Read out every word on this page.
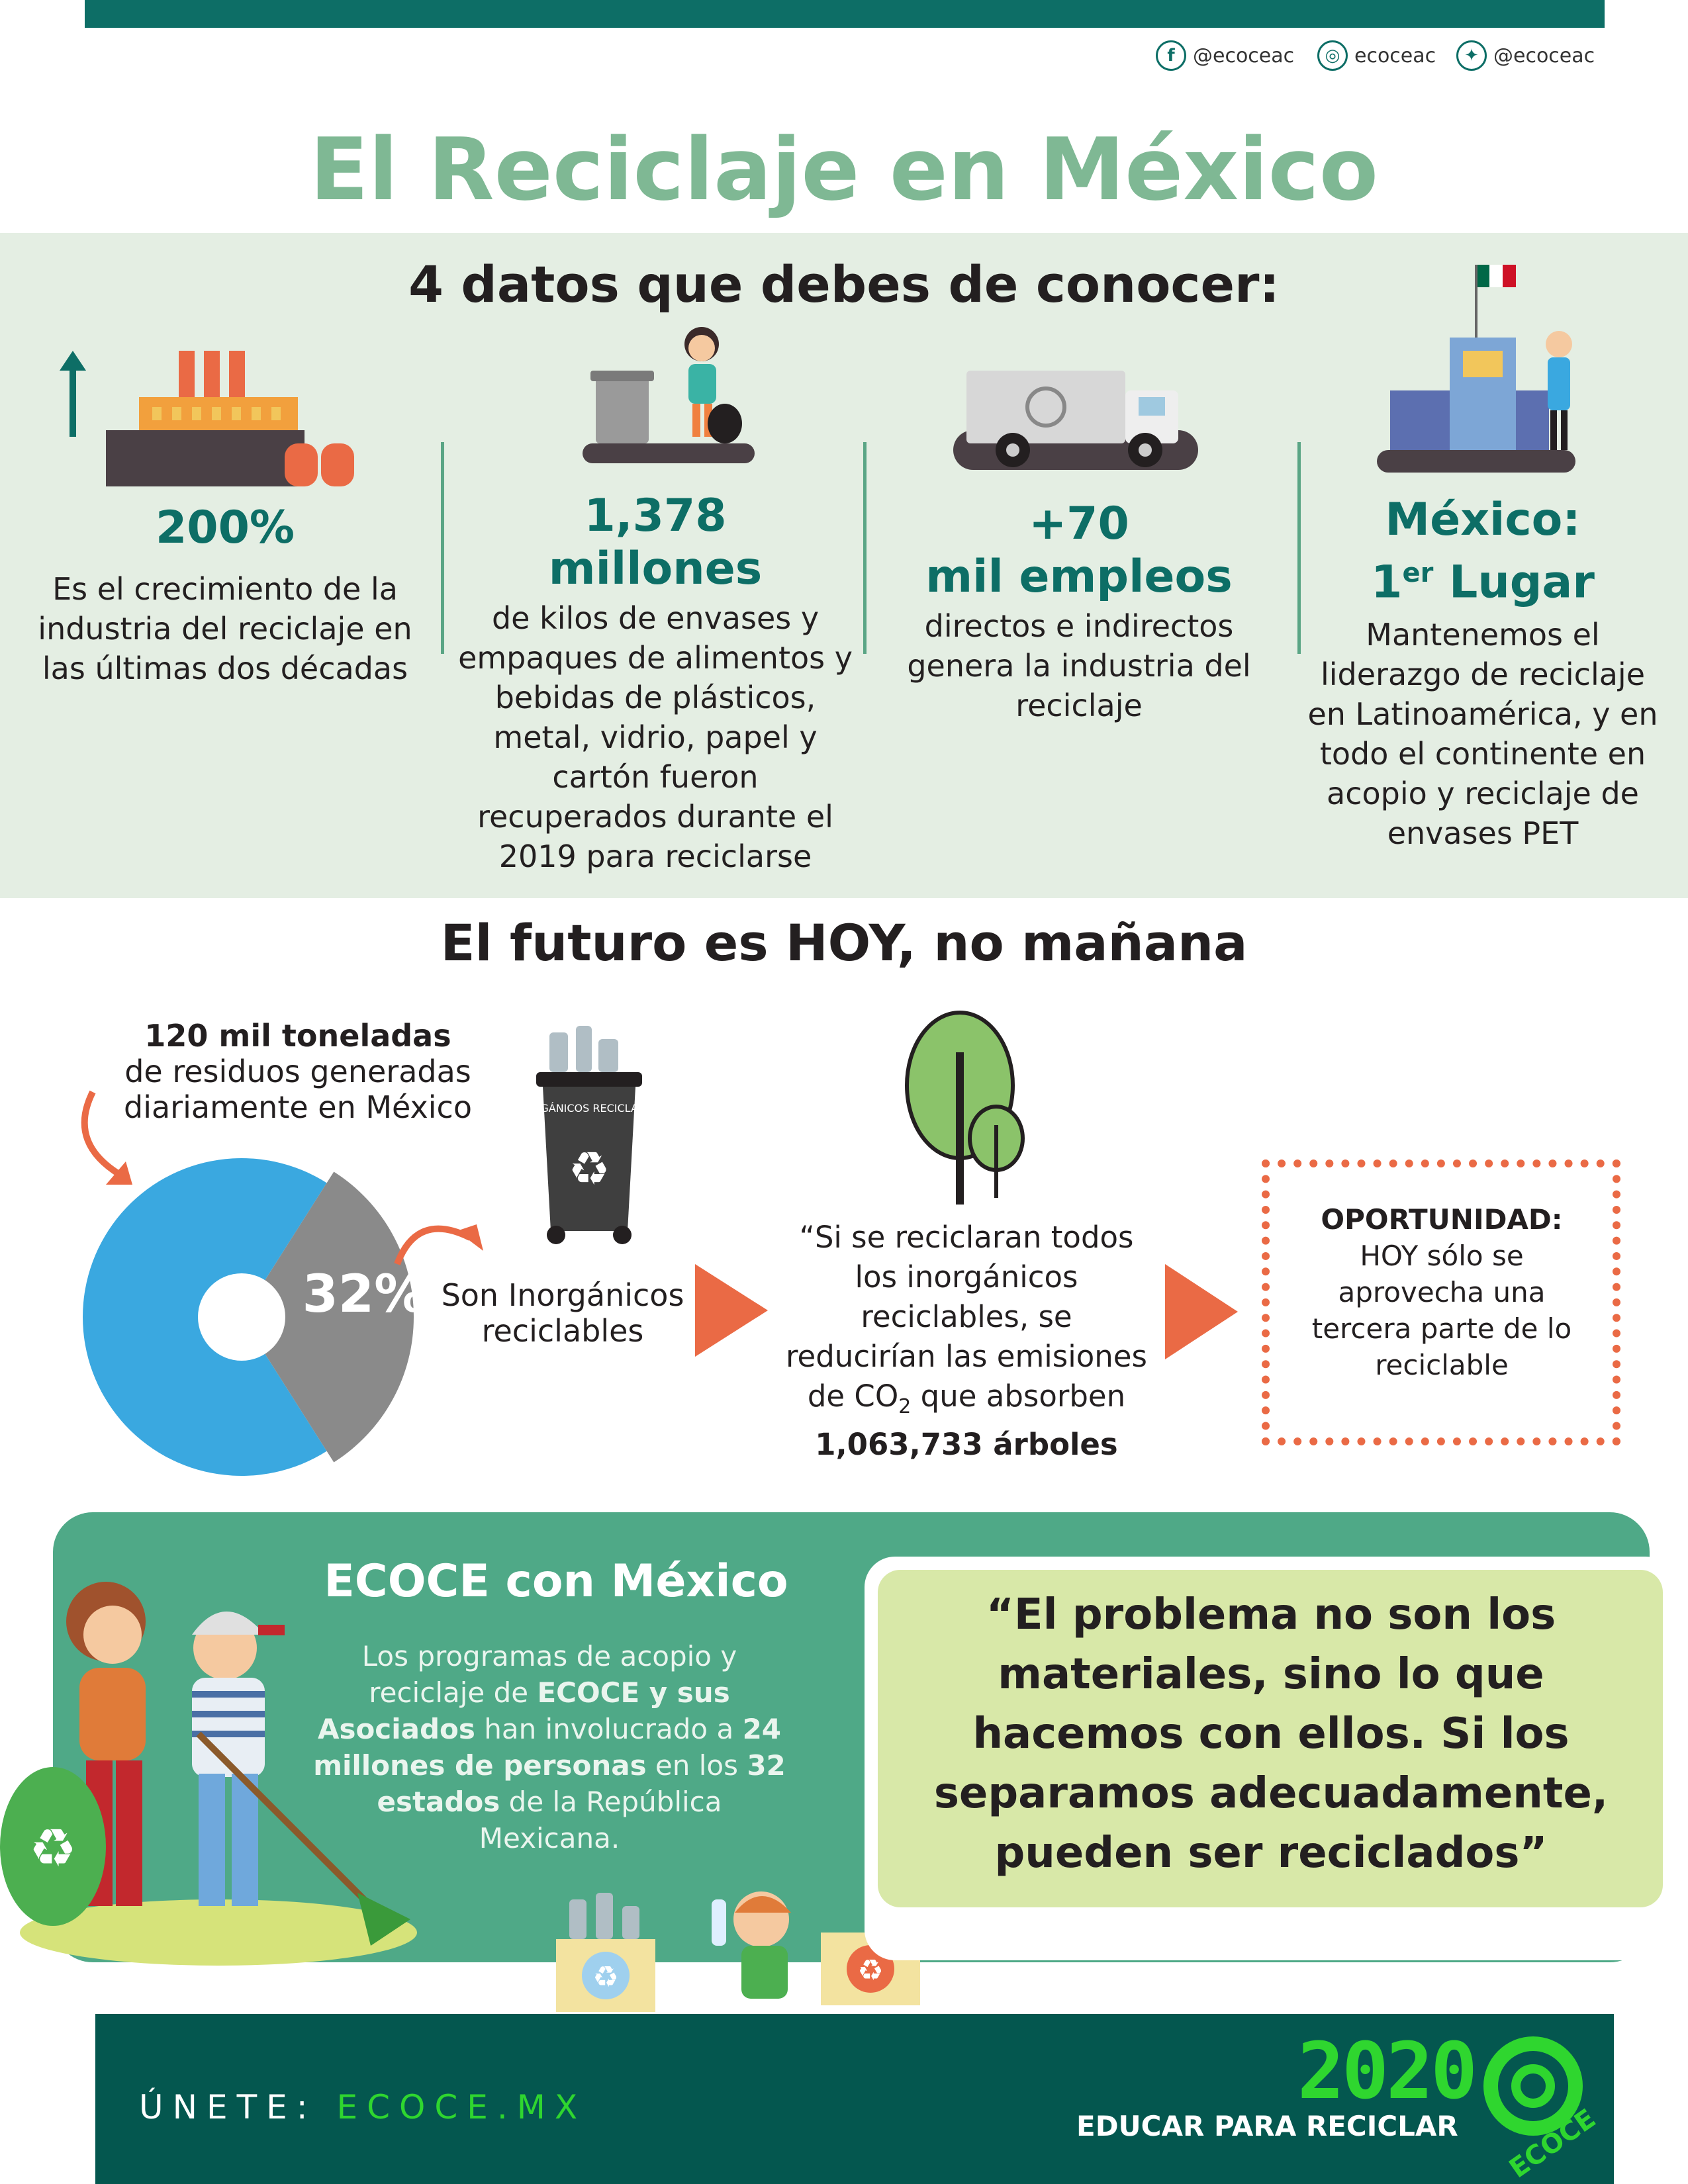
f @ecoceac	◎ ecoceac	✦ @ecoceac
El Reciclaje en México
4 datos que debes de conocer:
200%
Es el crecimiento de la industria del reciclaje en las últimas dos décadas
1,378
millones
de kilos de envases y empaques de alimentos y bebidas de plásticos, metal, vidrio, papel y cartón fueron recuperados durante el 2019 para reciclarse
+70
mil empleos
directos e indirectos genera la industria del reciclaje
México:
1er Lugar
Mantenemos el liderazgo de reciclaje en Latinoamérica, y en todo el continente en acopio y reciclaje de envases PET
El futuro es HOY, no mañana
120 mil toneladas
de residuos generadas diariamente en México
32% Son Inorgánicos reciclables
INORGÁNICOS RECICLABLES
♻
“Si se reciclaran todos los inorgánicos reciclables, se reducirían las emisiones de $CO_2$ que absorben
1,063,733 árboles
OPORTUNIDAD:
HOY sólo se aprovecha una tercera parte de lo reciclable
ECOCE con México
Los programas de acopio y reciclaje de ECOCE y sus Asociados han involucrado a 24 millones de personas en los 32 estados de la República Mexicana.
♻
♻	♻
“El problema no son los materiales, sino lo que hacemos con ellos. Si los separamos adecuadamente, pueden ser reciclados”
ÚNETE: ECOCE.MX	2020
EDUCAR PARA RECICLAR ECOCE
